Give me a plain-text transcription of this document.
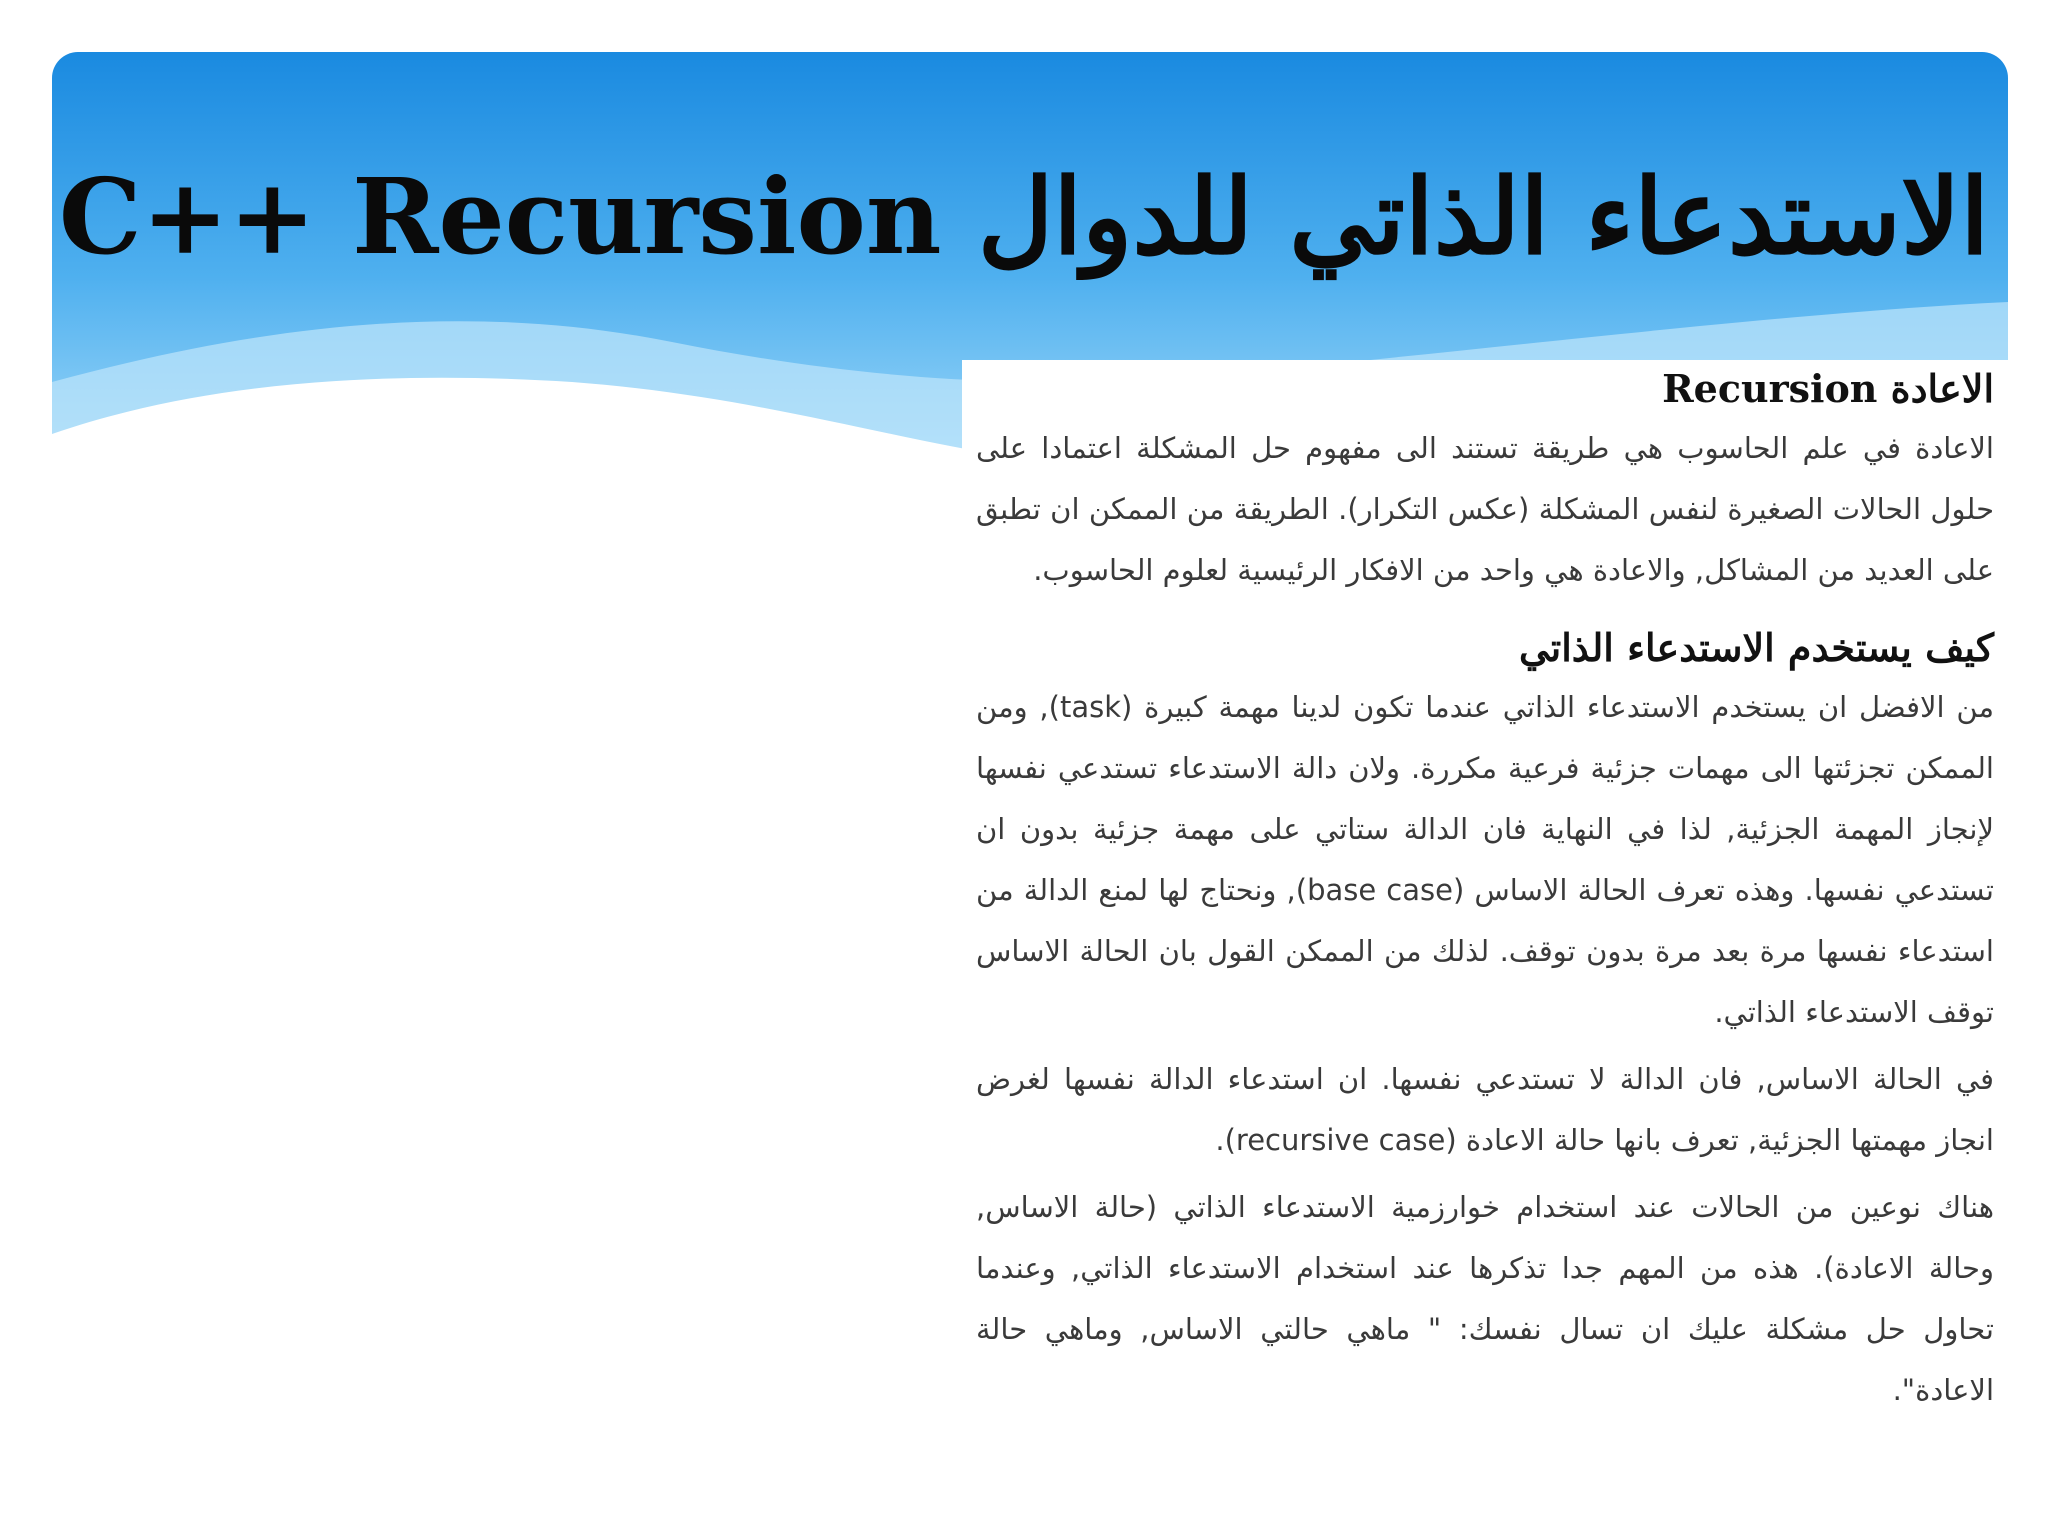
الاستدعاء الذاتي للدوال C++ Recursion

الاعادة Recursion

الاعادة في علم الحاسوب هي طريقة تستند الى مفهوم حل المشكلة اعتمادا على حلول الحالات الصغيرة لنفس المشكلة (عكس التكرار). الطريقة من الممكن ان تطبق على العديد من المشاكل, والاعادة هي واحد من الافكار الرئيسية لعلوم الحاسوب.

كيف يستخدم الاستدعاء الذاتي

من الافضل ان يستخدم الاستدعاء الذاتي عندما تكون لدينا مهمة كبيرة (task), ومن الممكن تجزئتها الى مهمات جزئية فرعية مكررة. ولان دالة الاستدعاء تستدعي نفسها لإنجاز المهمة الجزئية, لذا في النهاية فان الدالة ستاتي على مهمة جزئية بدون ان تستدعي نفسها. وهذه تعرف الحالة الاساس (base case), ونحتاج لها لمنع الدالة من استدعاء نفسها مرة بعد مرة بدون توقف. لذلك من الممكن القول بان الحالة الاساس توقف الاستدعاء الذاتي.

في الحالة الاساس, فان الدالة لا تستدعي نفسها. ان استدعاء الدالة نفسها لغرض انجاز مهمتها الجزئية, تعرف بانها حالة الاعادة (recursive case).

هناك نوعين من الحالات عند استخدام خوارزمية الاستدعاء الذاتي (حالة الاساس, وحالة الاعادة). هذه من المهم جدا تذكرها عند استخدام الاستدعاء الذاتي, وعندما تحاول حل مشكلة عليك ان تسال نفسك: " ماهي حالتي الاساس, وماهي حالة الاعادة".
